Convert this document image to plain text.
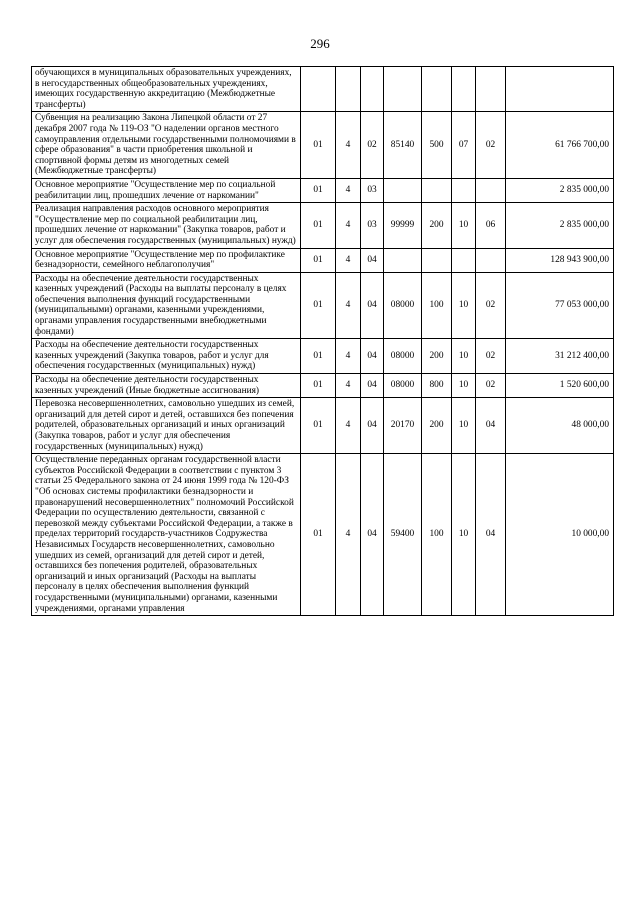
296
обучающихся в муниципальных образовательных учреждениях, в негосударственных общеобразовательных учреждениях, имеющих государственную аккредитацию (Межбюджетные трансферты)								
Субвенция на реализацию Закона Липецкой области от 27 декабря 2007 года № 119-ОЗ "О наделении органов местного самоуправления отдельными государственными полномочиями в сфере образования" в части приобретения школьной и спортивной формы детям из многодетных семей (Межбюджетные трансферты)	01	4	02	85140	500	07	02	61 766 700,00
Основное мероприятие "Осуществление мер по социальной реабилитации лиц, прошедших лечение от наркомании"	01	4	03					2 835 000,00
Реализация направления расходов основного мероприятия "Осуществление мер по социальной реабилитации лиц, прошедших лечение от наркомании" (Закупка товаров, работ и услуг для обеспечения государственных (муниципальных) нужд)	01	4	03	99999	200	10	06	2 835 000,00
Основное мероприятие "Осуществление мер по профилактике безнадзорности, семейного неблагополучия"	01	4	04					128 943 900,00
Расходы на обеспечение деятельности государственных казенных учреждений (Расходы на выплаты персоналу в целях обеспечения выполнения функций государственными (муниципальными) органами, казенными учреждениями, органами управления государственными внебюджетными фондами)	01	4	04	08000	100	10	02	77 053 000,00
Расходы на обеспечение деятельности государственных казенных учреждений (Закупка товаров, работ и услуг для обеспечения государственных (муниципальных) нужд)	01	4	04	08000	200	10	02	31 212 400,00
Расходы на обеспечение деятельности государственных казенных учреждений (Иные бюджетные ассигнования)	01	4	04	08000	800	10	02	1 520 600,00
Перевозка несовершеннолетних, самовольно ушедших из семей, организаций для детей сирот и детей, оставшихся без попечения родителей, образовательных организаций и иных организаций (Закупка товаров, работ и услуг для обеспечения государственных (муниципальных) нужд)	01	4	04	20170	200	10	04	48 000,00
Осуществление переданных органам государственной власти субъектов Российской Федерации в соответствии с пунктом 3 статьи 25 Федерального закона от 24 июня 1999 года № 120-ФЗ "Об основах системы профилактики безнадзорности и правонарушений несовершеннолетних" полномочий Российской Федерации по осуществлению деятельности, связанной с перевозкой между субъектами Российской Федерации, а также в пределах территорий государств-участников Содружества Независимых Государств несовершеннолетних, самовольно ушедших из семей, организаций для детей сирот и детей, оставшихся без попечения родителей, образовательных организаций и иных организаций (Расходы на выплаты персоналу в целях обеспечения выполнения функций государственными (муниципальными) органами, казенными учреждениями, органами управления	01	4	04	59400	100	10	04	10 000,00
